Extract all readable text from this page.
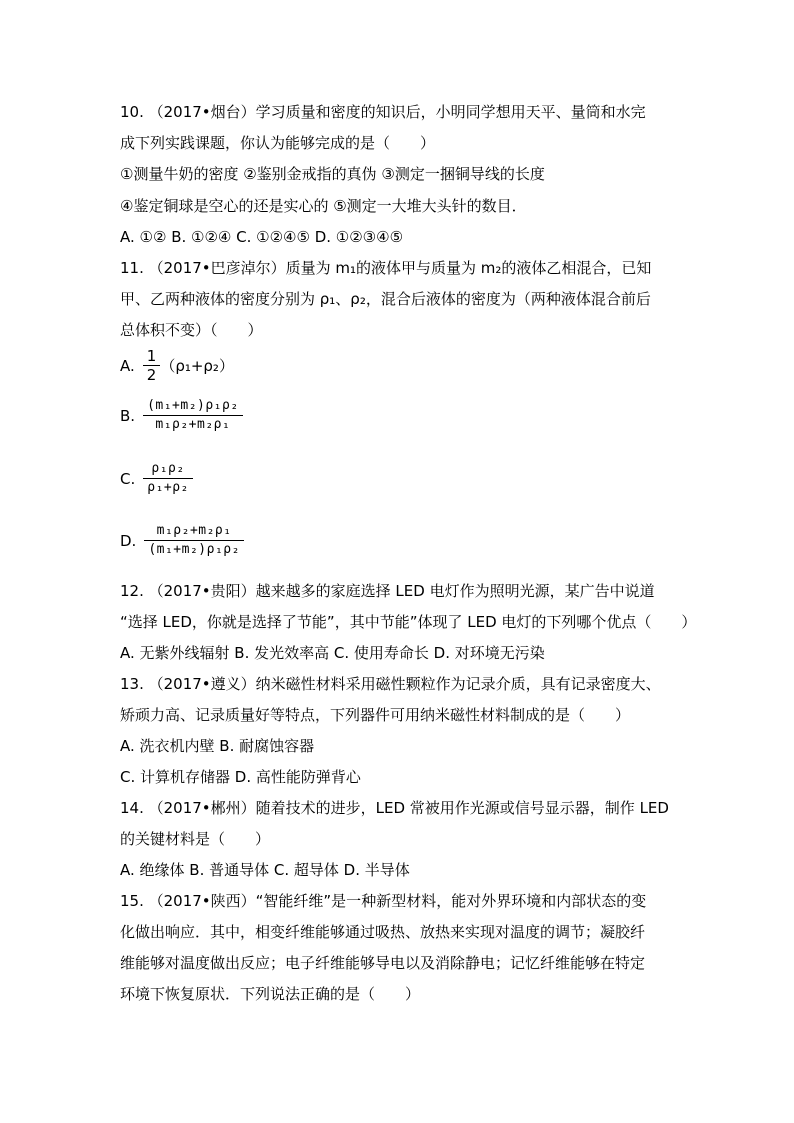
10. （2017•烟台）学习质量和密度的知识后，小明同学想用天平、量筒和水完
成下列实践课题，你认为能够完成的是（　　）
①测量牛奶的密度 ②鉴别金戒指的真伪 ③测定一捆铜导线的长度
④鉴定铜球是空心的还是实心的 ⑤测定一大堆大头针的数目．
A. ①② B. ①②④ C. ①②④⑤ D. ①②③④⑤
11. （2017•巴彦淖尔）质量为 m₁的液体甲与质量为 m₂的液体乙相混合，已知
甲、乙两种液体的密度分别为 ρ₁、ρ₂，混合后液体的密度为（两种液体混合前后
总体积不变）（　　）
A. $\frac{1}{2} (\rho_1+\rho_2)$
B. $\frac{\text{(m₁+m₂)ρ₁ρ₂}}{\text{m₁ρ₂+m₂ρ₁}}$
C. $\frac{\text{ρ₁ρ₂}}{\text{ρ₁+ρ₂}}$
D. $\frac{\text{m₁ρ₂+m₂ρ₁}}{\text{(m₁+m₂)ρ₁ρ₂}}$
12. （2017•贵阳）越来越多的家庭选择 LED 电灯作为照明光源，某广告中说道
“选择 LED，你就是选择了节能”，其中节能”体现了 LED 电灯的下列哪个优点（　　）
A. 无紫外线辐射 B. 发光效率高 C. 使用寿命长 D. 对环境无污染
13. （2017•遵义）纳米磁性材料采用磁性颗粒作为记录介质，具有记录密度大、
矫顽力高、记录质量好等特点，下列器件可用纳米磁性材料制成的是（　　）
A. 洗衣机内壁 B. 耐腐蚀容器
C. 计算机存储器 D. 高性能防弹背心
14. （2017•郴州）随着技术的进步，LED 常被用作光源或信号显示器，制作 LED
的关键材料是（　　）
A. 绝缘体 B. 普通导体 C. 超导体 D. 半导体
15. （2017•陕西）“智能纤维”是一种新型材料，能对外界环境和内部状态的变
化做出响应．其中，相变纤维能够通过吸热、放热来实现对温度的调节；凝胶纤
维能够对温度做出反应；电子纤维能够导电以及消除静电；记忆纤维能够在特定
环境下恢复原状．下列说法正确的是（　　）
